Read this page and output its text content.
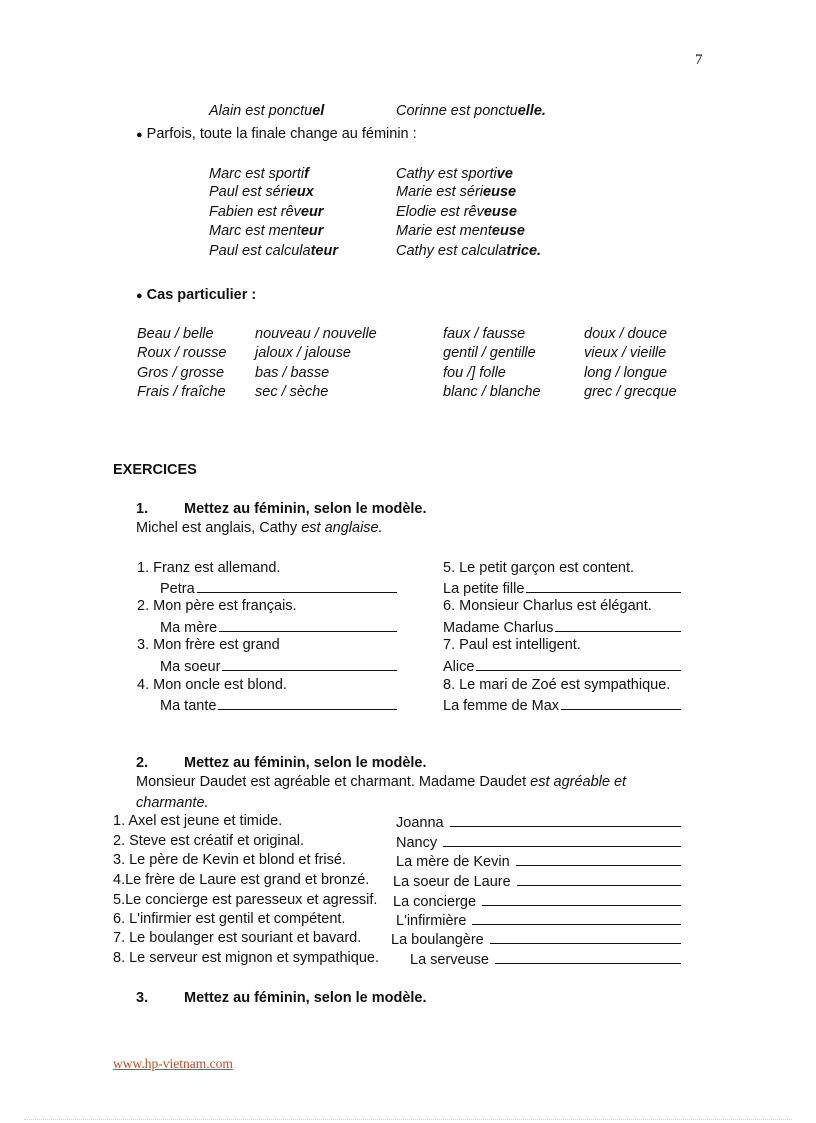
7
Alain est ponctuel	Corinne est ponctuelle.
● Parfois, toute la finale change au féminin :
Marc est sportif	Cathy est sportive
Paul est sérieux	Marie est sérieuse
Fabien est rêveur	Elodie est rêveuse
Marc est menteur	Marie est menteuse
Paul est calculateur	Cathy est calculatrice.
● Cas particulier :
Beau / belle	nouveau / nouvelle	faux / fausse	doux / douce
Roux / rousse jaloux / jalouse	gentil / gentille	vieux / vieille
Gros / grosse bas / basse	fou /] folle	long / longue
Frais / fraîche sec / sèche	blanc / blanche	grec / grecque
EXERCICES
1. Mettez au féminin, selon le modèle.
Michel est anglais, Cathy est anglaise.
1. Franz est allemand.
Petra
2. Mon père est français.
Ma mère
3. Mon frère est grand
Ma soeur
4. Mon oncle est blond.
Ma tante
5. Le petit garçon est content.
La petite fille
6. Monsieur Charlus est élégant.
Madame Charlus
7. Paul est intelligent.
Alice
8. Le mari de Zoé est sympathique.
La femme de Max
2. Mettez au féminin, selon le modèle.
Monsieur Daudet est agréable et charmant. Madame Daudet est agréable et
charmante.
1. Axel est jeune et timide.	Joanna
2. Steve est créatif et original.	Nancy
3. Le père de Kevin et blond et frisé.	La mère de Kevin
4.Le frère de Laure est grand et bronzé. La soeur de Laure
5.Le concierge est paresseux et agressif. La concierge
6. L'infirmier est gentil et compétent.	L'infirmière
7. Le boulanger est souriant et bavard. La boulangère
8. Le serveur est mignon et sympathique. La serveuse
3. Mettez au féminin, selon le modèle.
www.hp-vietnam.com
